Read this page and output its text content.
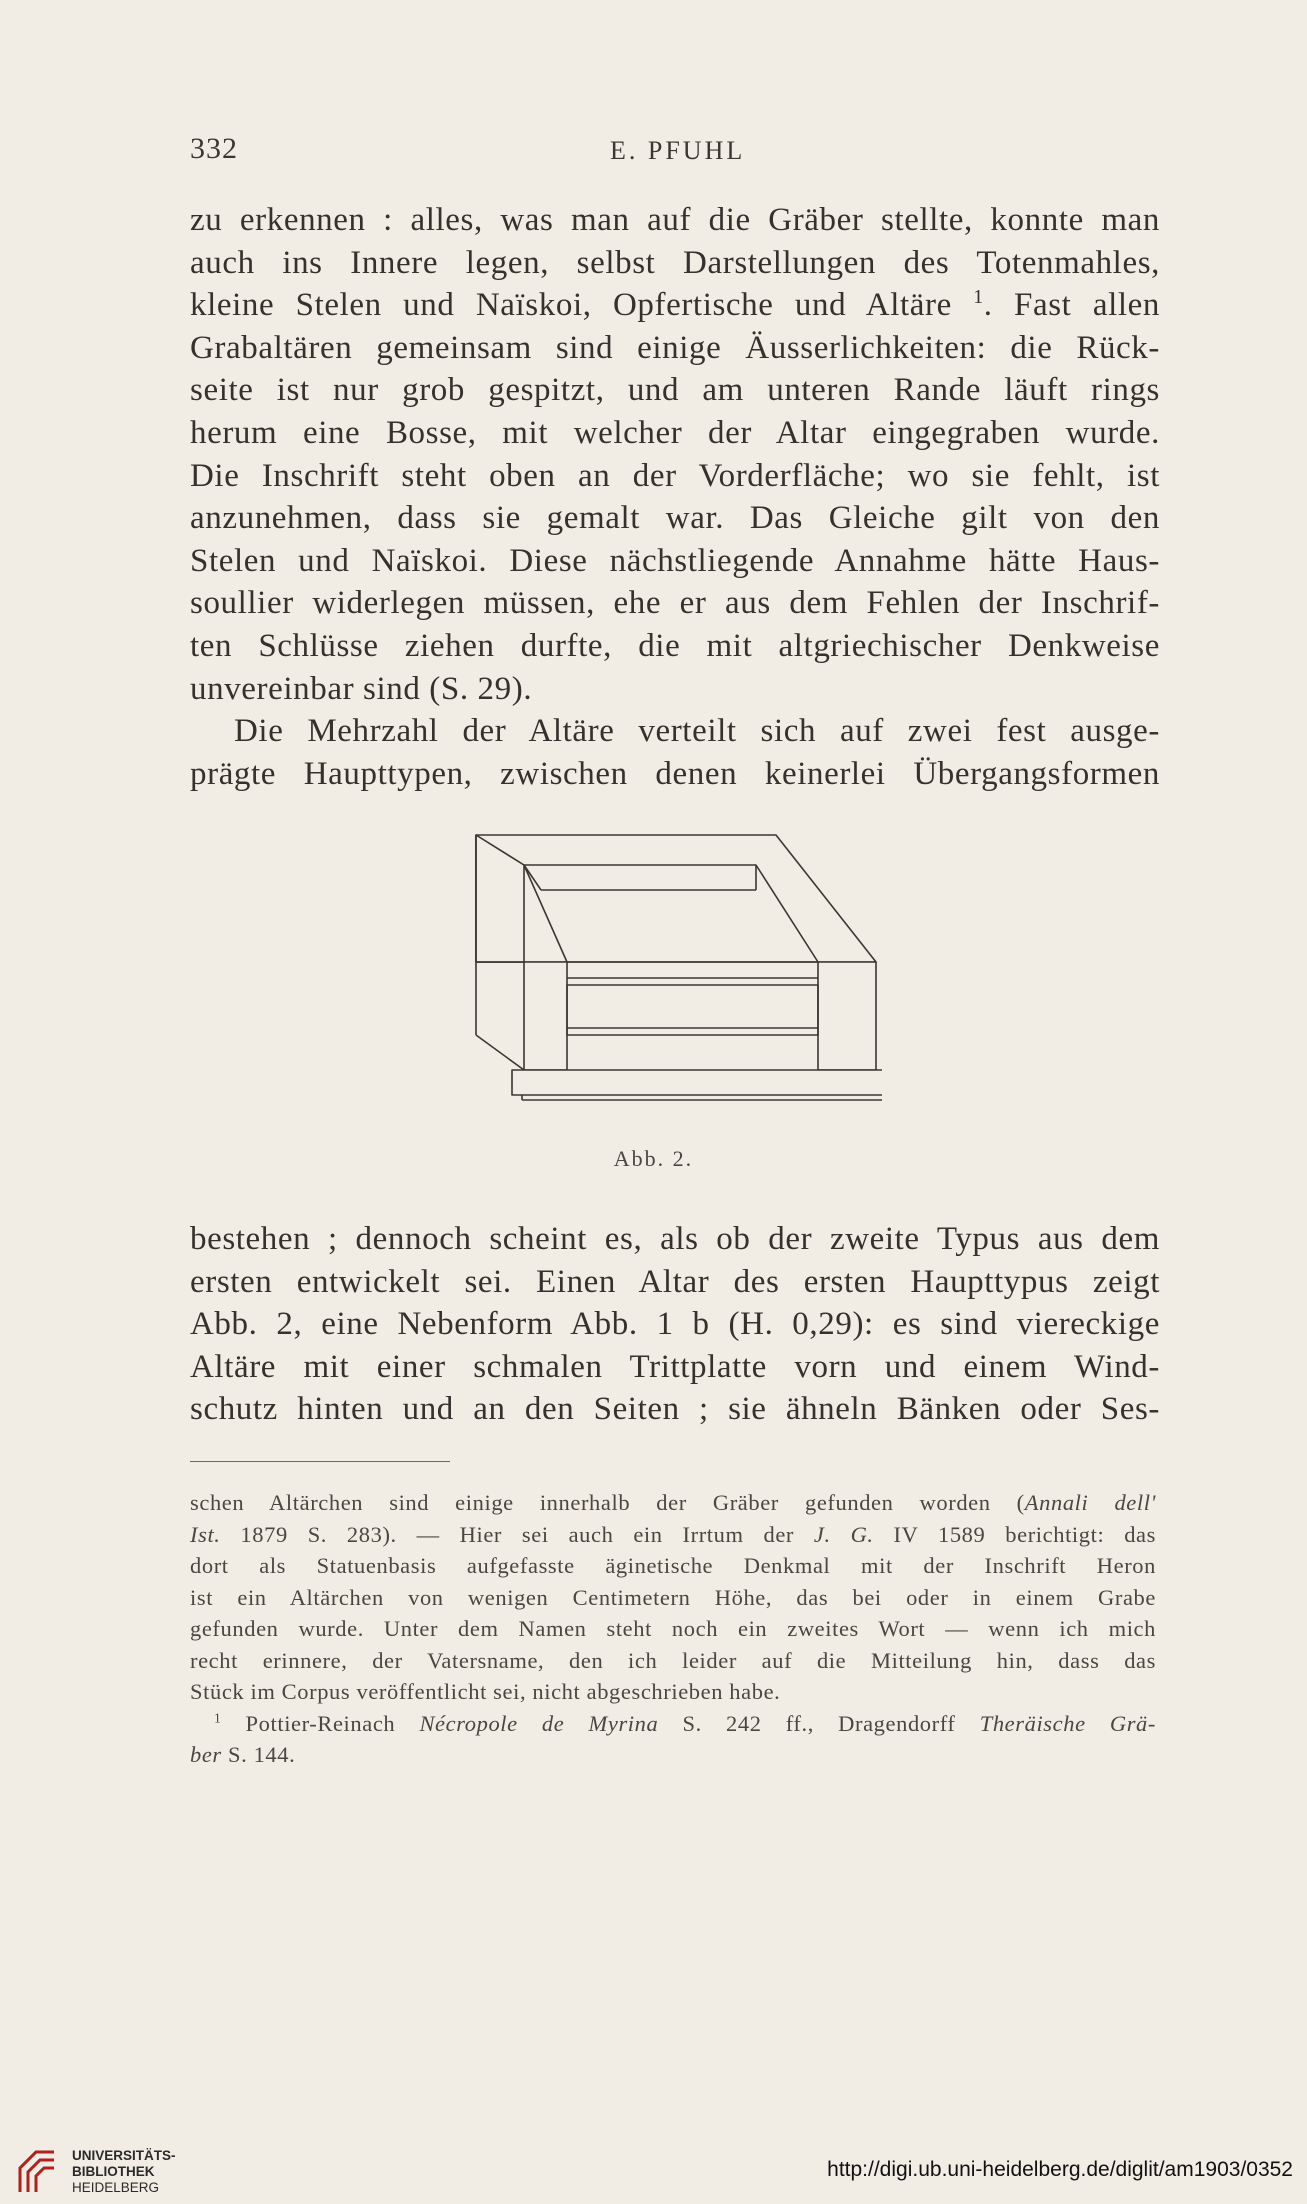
332	E. PFUHL
zu erkennen : alles, was man auf die Gräber stellte, konnte man
auch ins Innere legen, selbst Darstellungen des Totenmahles,
kleine Stelen und Naïskoi, Opfertische und Altäre $^1$. Fast allen
Grabaltären gemeinsam sind einige Äusserlichkeiten: die Rück-
seite ist nur grob gespitzt, und am unteren Rande läuft rings
herum eine Bosse, mit welcher der Altar eingegraben wurde.
Die Inschrift steht oben an der Vorderfläche; wo sie fehlt, ist
anzunehmen, dass sie gemalt war. Das Gleiche gilt von den
Stelen und Naïskoi. Diese nächstliegende Annahme hätte Haus-
soullier widerlegen müssen, ehe er aus dem Fehlen der Inschrif-
ten Schlüsse ziehen durfte, die mit altgriechischer Denkweise
unvereinbar sind (S. 29).
Die Mehrzahl der Altäre verteilt sich auf zwei fest ausge-
prägte Haupttypen, zwischen denen keinerlei Übergangsformen
Abb. 2.
bestehen ; dennoch scheint es, als ob der zweite Typus aus dem
ersten entwickelt sei. Einen Altar des ersten Haupttypus zeigt
Abb. 2, eine Nebenform Abb. 1 b (H. 0,29): es sind viereckige
Altäre mit einer schmalen Trittplatte vorn und einem Wind-
schutz hinten und an den Seiten ; sie ähneln Bänken oder Ses-
schen Altärchen sind einige innerhalb der Gräber gefunden worden (Annali dell'
Ist. 1879 S. 283). — Hier sei auch ein Irrtum der J. G. IV 1589 berichtigt: das
dort als Statuenbasis aufgefasste äginetische Denkmal mit der Inschrift Heron
ist ein Altärchen von wenigen Centimetern Höhe, das bei oder in einem Grabe
gefunden wurde. Unter dem Namen steht noch ein zweites Wort — wenn ich mich
recht erinnere, der Vatersname, den ich leider auf die Mitteilung hin, dass das
Stück im Corpus veröffentlicht sei, nicht abgeschrieben habe.
$^1$ Pottier-Reinach Nécropole de Myrina S. 242 ff., Dragendorff Theräische Grä-
ber S. 144.
UNIVERSITÄTS-
BIBLIOTHEK
HEIDELBERG
http://digi.ub.uni-heidelberg.de/diglit/am1903/0352
